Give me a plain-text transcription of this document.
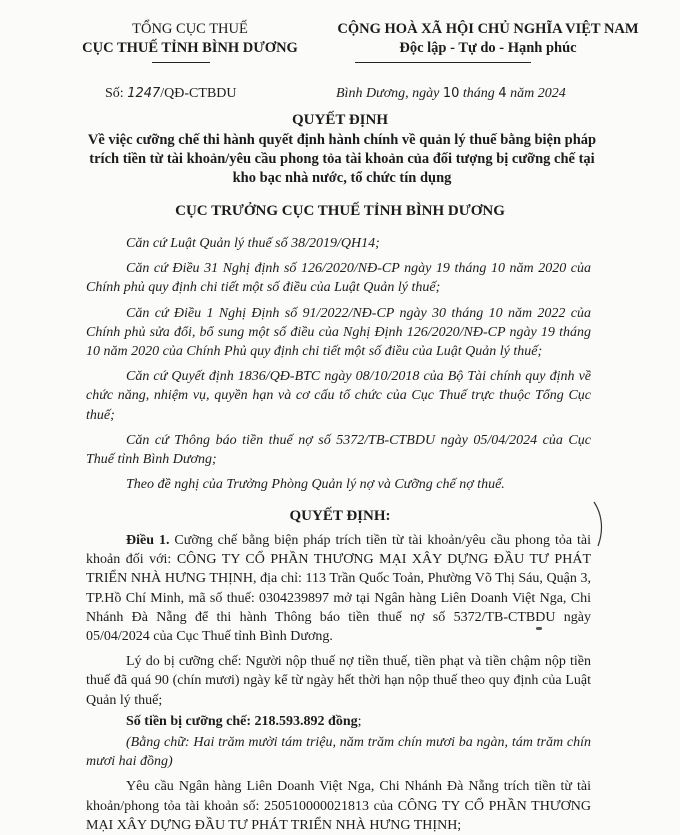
TỔNG CỤC THUẾ
CỤC THUẾ TỈNH BÌNH DƯƠNG
CỘNG HOÀ XÃ HỘI CHỦ NGHĨA VIỆT NAM
Độc lập - Tự do - Hạnh phúc
Số: 1247/QĐ-CTBDU	Bình Dương, ngày 10 tháng 4 năm 2024
QUYẾT ĐỊNH
Về việc cưỡng chế thi hành quyết định hành chính về quản lý thuế bằng biện pháp trích tiền từ tài khoản/yêu cầu phong tỏa tài khoản của đối tượng bị cưỡng chế tại kho bạc nhà nước, tổ chức tín dụng
CỤC TRƯỞNG CỤC THUẾ TỈNH BÌNH DƯƠNG

Căn cứ Luật Quản lý thuế số 38/2019/QH14;

Căn cứ Điều 31 Nghị định số 126/2020/NĐ-CP ngày 19 tháng 10 năm 2020 của Chính phủ quy định chi tiết một số điều của Luật Quản lý thuế;

Căn cứ Điều 1 Nghị Định số 91/2022/NĐ-CP ngày 30 tháng 10 năm 2022 của Chính phủ sửa đổi, bổ sung một số điều của Nghị Định 126/2020/NĐ-CP ngày 19 tháng 10 năm 2020 của Chính Phủ quy định chi tiết một số điều của Luật Quản lý thuế;

Căn cứ Quyết định 1836/QĐ-BTC ngày 08/10/2018 của Bộ Tài chính quy định về chức năng, nhiệm vụ, quyền hạn và cơ cấu tổ chức của Cục Thuế trực thuộc Tổng Cục thuế;

Căn cứ Thông báo tiền thuế nợ số 5372/TB-CTBDU ngày 05/04/2024 của Cục Thuế tỉnh Bình Dương;

Theo đề nghị của Trưởng Phòng Quản lý nợ và Cưỡng chế nợ thuế.

QUYẾT ĐỊNH:

Điều 1. Cưỡng chế bằng biện pháp trích tiền từ tài khoản/yêu cầu phong tỏa tài khoản đối với: CÔNG TY CỔ PHẦN THƯƠNG MẠI XÂY DỰNG ĐẦU TƯ PHÁT TRIỂN NHÀ HƯNG THỊNH, địa chỉ: 113 Trần Quốc Toản, Phường Võ Thị Sáu, Quận 3, TP.Hồ Chí Minh, mã số thuế: 0304239897 mở tại Ngân hàng Liên Doanh Việt Nga, Chi Nhánh Đà Nẵng để thi hành Thông báo tiền thuế nợ số 5372/TB-CTBDU ngày 05/04/2024 của Cục Thuế tỉnh Bình Dương.

Lý do bị cưỡng chế: Người nộp thuế nợ tiền thuế, tiền phạt và tiền chậm nộp tiền thuế đã quá 90 (chín mươi) ngày kể từ ngày hết thời hạn nộp thuế theo quy định của Luật Quản lý thuế;

Số tiền bị cưỡng chế: 218.593.892 đồng;

(Bằng chữ: Hai trăm mười tám triệu, năm trăm chín mươi ba ngàn, tám trăm chín mươi hai đồng)

Yêu cầu Ngân hàng Liên Doanh Việt Nga, Chi Nhánh Đà Nẵng trích tiền từ tài khoản/phong tỏa tài khoản số: 250510000021813 của CÔNG TY CỔ PHẦN THƯƠNG MẠI XÂY DỰNG ĐẦU TƯ PHÁT TRIỂN NHÀ HƯNG THỊNH;
